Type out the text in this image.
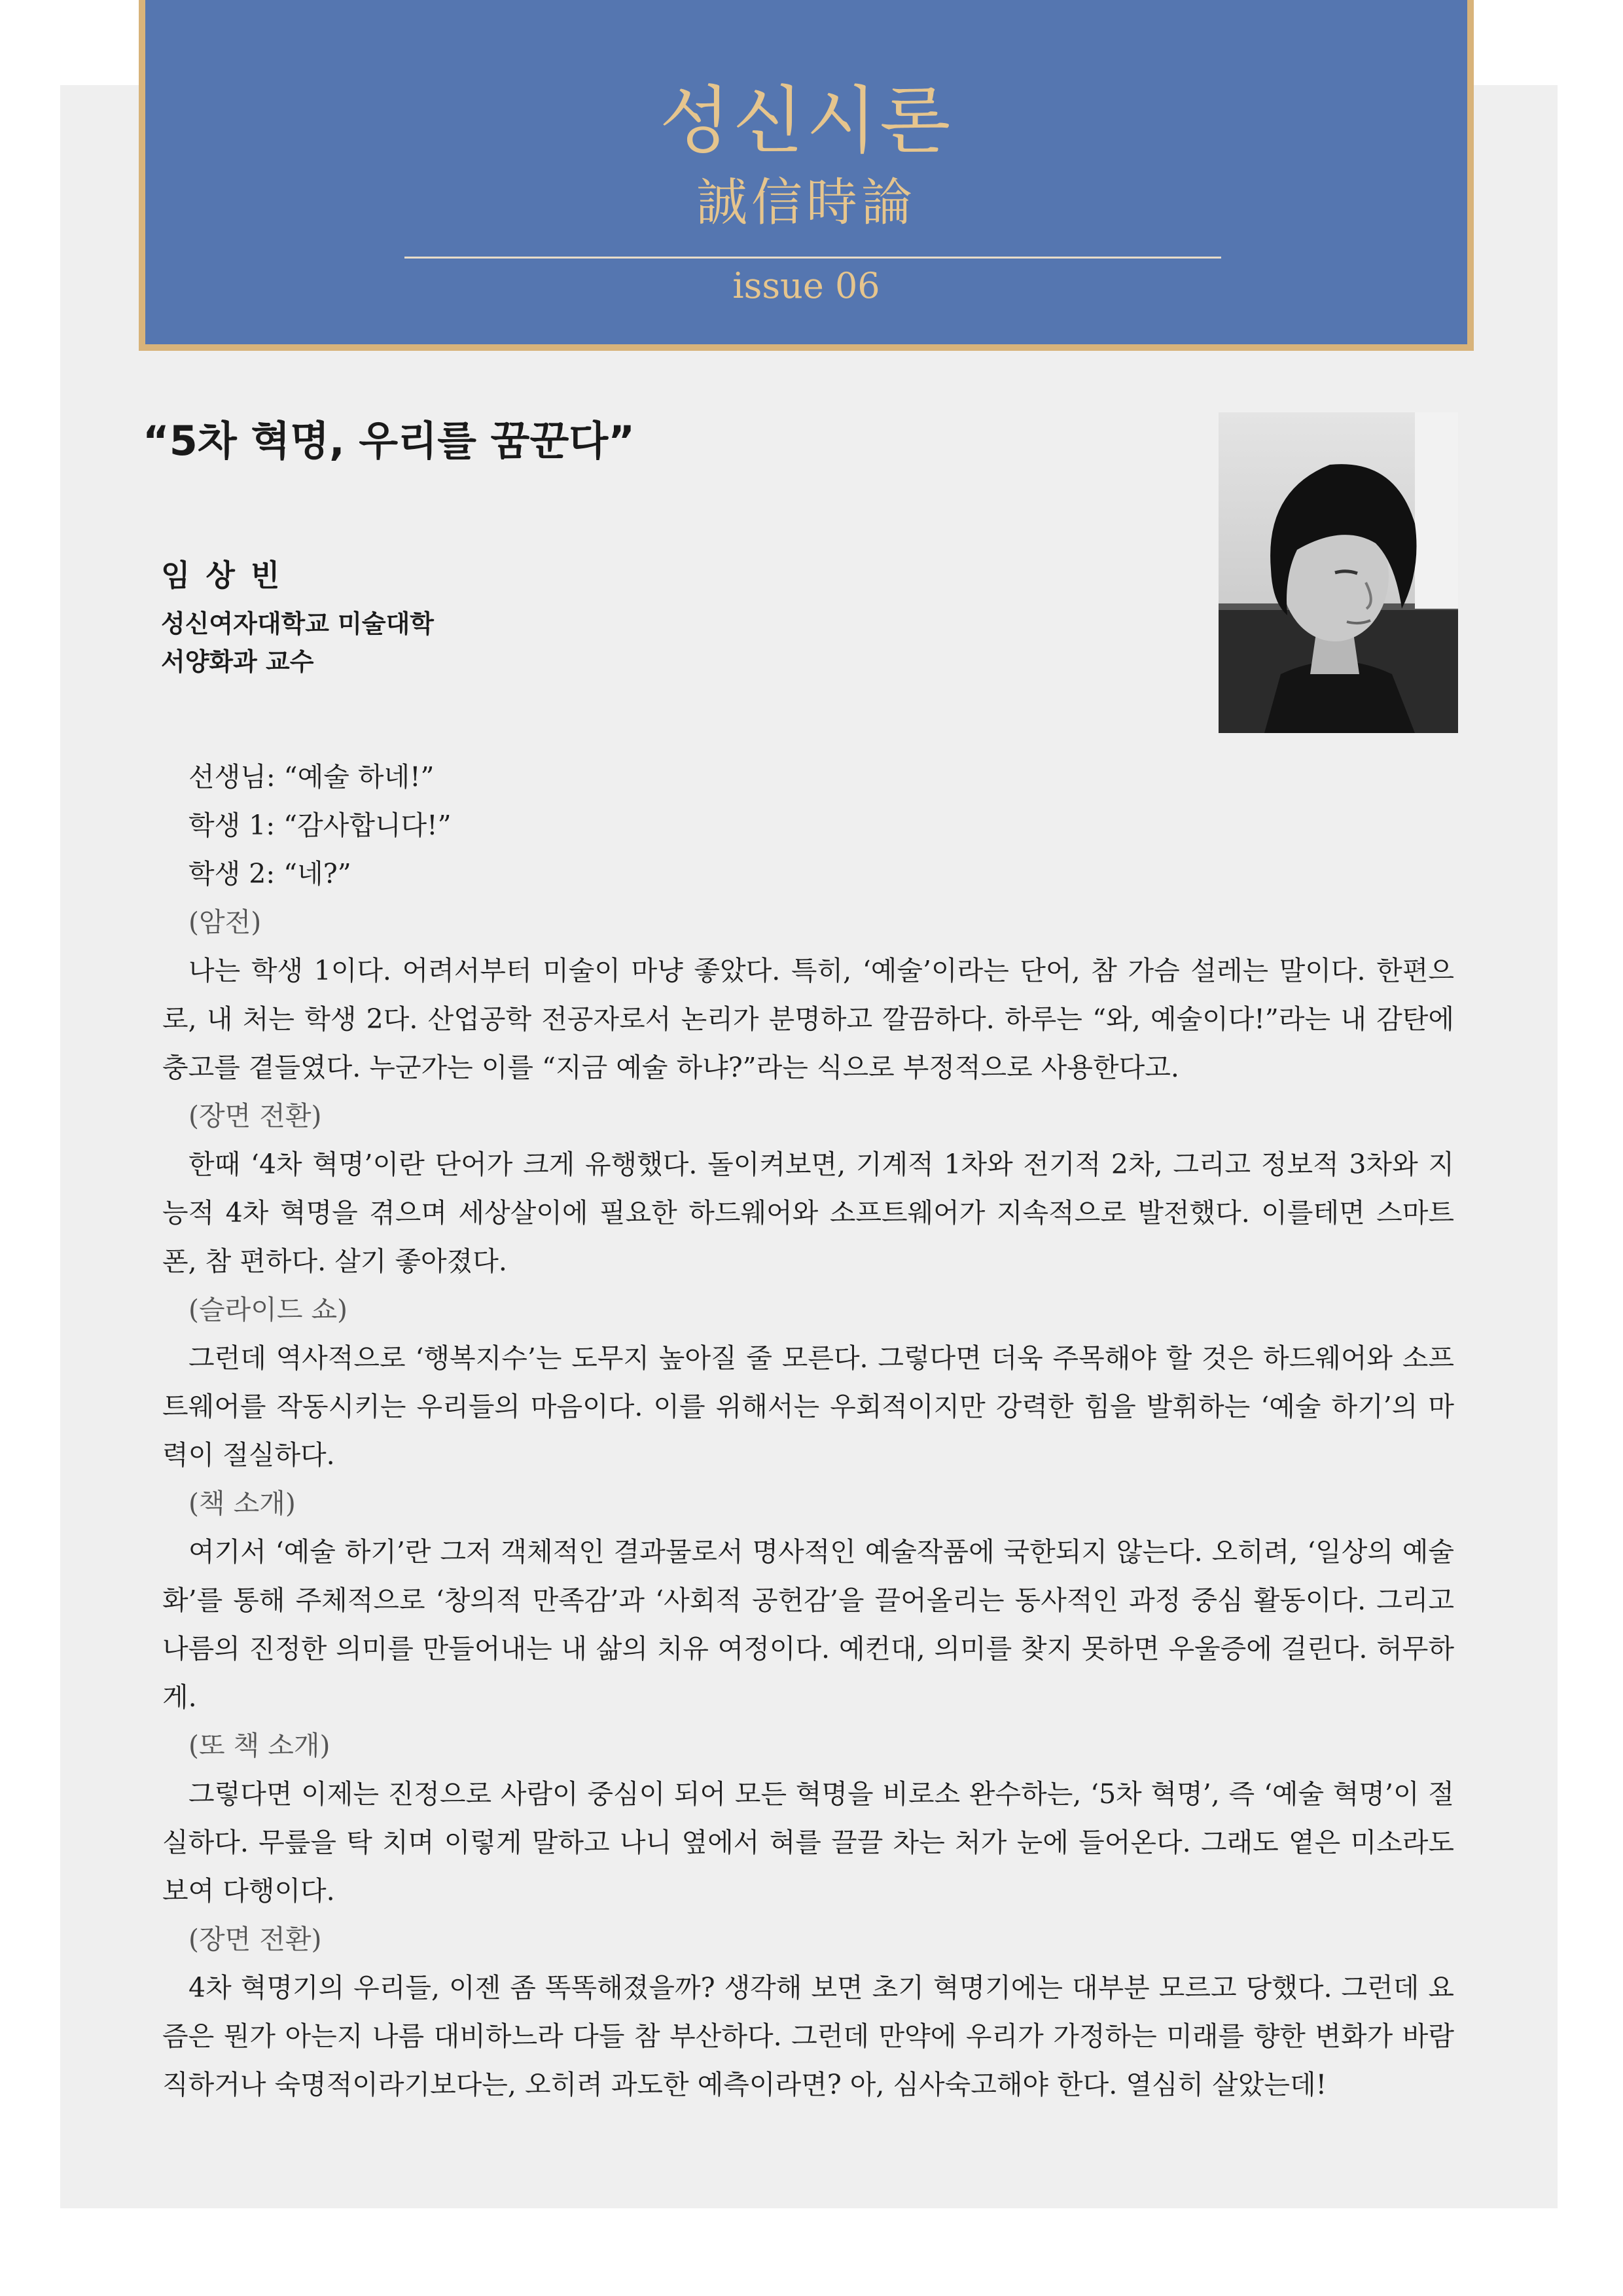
성신시론
誠信時論
issue 06
“5차 혁명, 우리를 꿈꾼다”
임 상 빈
성신여자대학교 미술대학
서양화과 교수

선생님: “예술 하네!”

학생 1: “감사합니다!”

학생 2: “네?”

(암전)

나는 학생 1이다. 어려서부터 미술이 마냥 좋았다. 특히, ‘예술’이라는 단어, 참 가슴 설레는 말이다. 한편으로, 내 처는 학생 2다. 산업공학 전공자로서 논리가 분명하고 깔끔하다. 하루는 “와, 예술이다!”라는 내 감탄에 충고를 곁들였다. 누군가는 이를 “지금 예술 하냐?”라는 식으로 부정적으로 사용한다고.

(장면 전환)

한때 ‘4차 혁명’이란 단어가 크게 유행했다. 돌이켜보면, 기계적 1차와 전기적 2차, 그리고 정보적 3차와 지능적 4차 혁명을 겪으며 세상살이에 필요한 하드웨어와 소프트웨어가 지속적으로 발전했다. 이를테면 스마트폰, 참 편하다. 살기 좋아졌다.

(슬라이드 쇼)

그런데 역사적으로 ‘행복지수’는 도무지 높아질 줄 모른다. 그렇다면 더욱 주목해야 할 것은 하드웨어와 소프트웨어를 작동시키는 우리들의 마음이다. 이를 위해서는 우회적이지만 강력한 힘을 발휘하는 ‘예술 하기’의 마력이 절실하다.

(책 소개)

여기서 ‘예술 하기’란 그저 객체적인 결과물로서 명사적인 예술작품에 국한되지 않는다. 오히려, ‘일상의 예술화’를 통해 주체적으로 ‘창의적 만족감’과 ‘사회적 공헌감’을 끌어올리는 동사적인 과정 중심 활동이다. 그리고 나름의 진정한 의미를 만들어내는 내 삶의 치유 여정이다. 예컨대, 의미를 찾지 못하면 우울증에 걸린다. 허무하게.

(또 책 소개)

그렇다면 이제는 진정으로 사람이 중심이 되어 모든 혁명을 비로소 완수하는, ‘5차 혁명’, 즉 ‘예술 혁명’이 절실하다. 무릎을 탁 치며 이렇게 말하고 나니 옆에서 혀를 끌끌 차는 처가 눈에 들어온다. 그래도 옅은 미소라도 보여 다행이다.

(장면 전환)

4차 혁명기의 우리들, 이젠 좀 똑똑해졌을까? 생각해 보면 초기 혁명기에는 대부분 모르고 당했다. 그런데 요즘은 뭔가 아는지 나름 대비하느라 다들 참 부산하다. 그런데 만약에 우리가 가정하는 미래를 향한 변화가 바람직하거나 숙명적이라기보다는, 오히려 과도한 예측이라면? 아, 심사숙고해야 한다. 열심히 살았는데!
